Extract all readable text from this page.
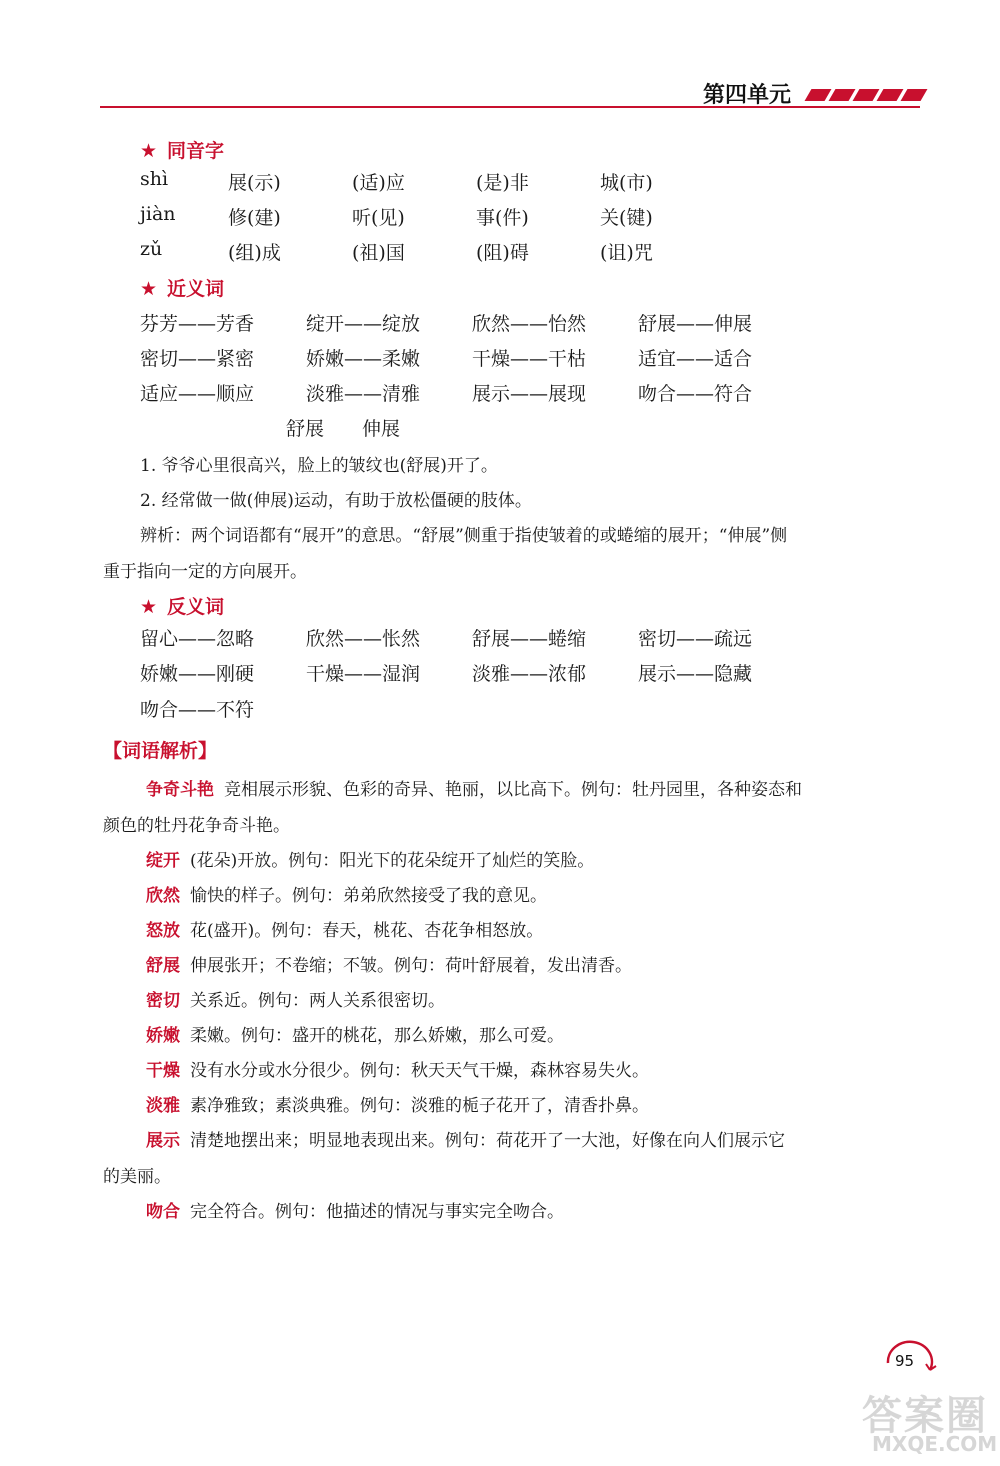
第四单元
★ 同音字
shì	展(示)	(适)应	(是)非	城(市)
jiàn	修(建)	听(见)	事(件)	关(键)
zǔ	(组)成	(祖)国	(阻)碍	(诅)咒
★ 近义词
芬芳——芳香	绽开——绽放	欣然——怡然	舒展——伸展
密切——紧密	娇嫩——柔嫩	干燥——干枯	适宜——适合
适应——顺应	淡雅——清雅	展示——展现	吻合——符合
舒展　　伸展
1. 爷爷心里很高兴，脸上的皱纹也(舒展)开了。
2. 经常做一做(伸展)运动，有助于放松僵硬的肢体。
辨析：两个词语都有“展开”的意思。“舒展”侧重于指使皱着的或蜷缩的展开；“伸展”侧
重于指向一定的方向展开。
★ 反义词
留心——忽略	欣然——怅然	舒展——蜷缩	密切——疏远
娇嫩——刚硬	干燥——湿润	淡雅——浓郁	展示——隐藏
吻合——不符
【词语解析】
争奇斗艳 竞相展示形貌、色彩的奇异、艳丽，以比高下。例句：牡丹园里，各种姿态和
颜色的牡丹花争奇斗艳。
绽开 (花朵)开放。例句：阳光下的花朵绽开了灿烂的笑脸。
欣然 愉快的样子。例句：弟弟欣然接受了我的意见。
怒放 花(盛开)。例句：春天，桃花、杏花争相怒放。
舒展 伸展张开；不卷缩；不皱。例句：荷叶舒展着，发出清香。
密切 关系近。例句：两人关系很密切。
娇嫩 柔嫩。例句：盛开的桃花，那么娇嫩，那么可爱。
干燥 没有水分或水分很少。例句：秋天天气干燥，森林容易失火。
淡雅 素净雅致；素淡典雅。例句：淡雅的栀子花开了，清香扑鼻。
展示 清楚地摆出来；明显地表现出来。例句：荷花开了一大池，好像在向人们展示它
的美丽。
吻合 完全符合。例句：他描述的情况与事实完全吻合。
95
答案圈
MXQE.COM
